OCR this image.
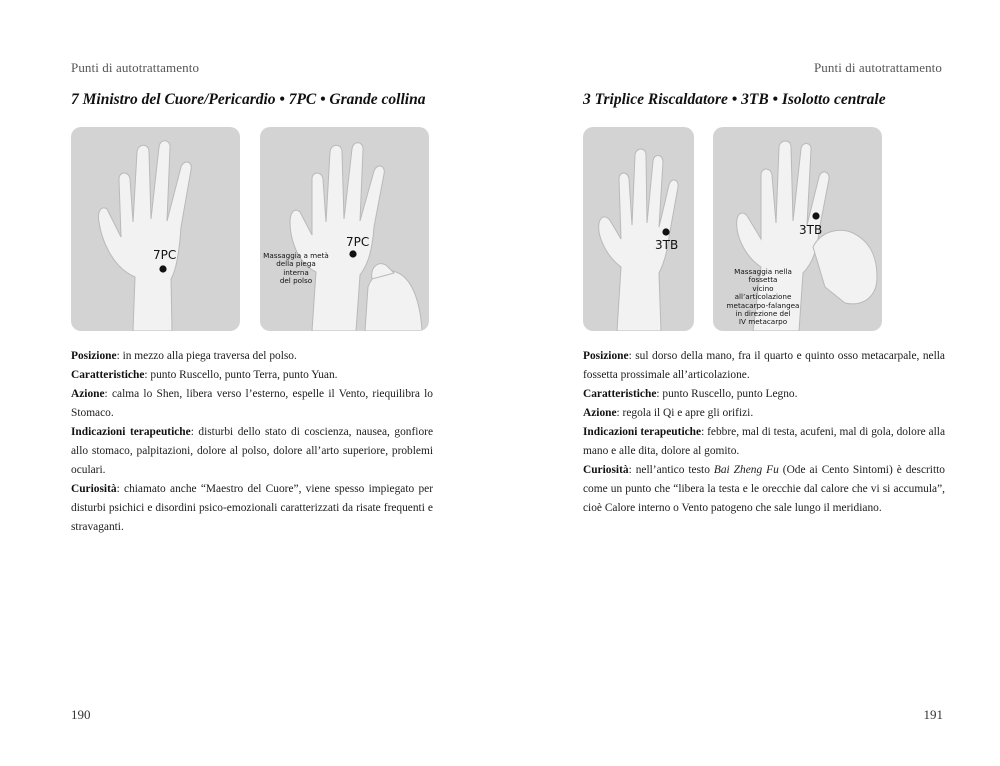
Punti di autotrattamento
7 Ministro del Cuore/Pericardio • 7PC • Grande collina
7PC
7PC
Massaggia a metà
della piega interna
del polso

Posizione: in mezzo alla piega traversa del polso.

Caratteristiche: punto Ruscello, punto Terra, punto Yuan.

Azione: calma lo Shen, libera verso l’esterno, espelle il Vento, riequilibra lo Stomaco.

Indicazioni terapeutiche: disturbi dello stato di coscienza, nausea, gonfiore allo stomaco, palpitazioni, dolore al polso, dolore all’arto superiore, problemi oculari.

Curiosità: chiamato anche “Maestro del Cuore”, viene spesso impiegato per disturbi psichici e disordini psico-emozionali caratterizzati da risate frequenti e stravaganti.

190
Punti di autotrattamento
3 Triplice Riscaldatore • 3TB • Isolotto centrale
3TB
3TB
Massaggia nella fossetta
vicino all’articolazione
metacarpo-falangea
in direzione del
IV metacarpo
191

Posizione: sul dorso della mano, fra il quarto e quinto osso metacarpale, nella fossetta prossimale all’articolazione.

Caratteristiche: punto Ruscello, punto Legno.

Azione: regola il Qi e apre gli orifizi.

Indicazioni terapeutiche: febbre, mal di testa, acufeni, mal di gola, dolore alla mano e alle dita, dolore al gomito.

Curiosità: nell’antico testo Bai Zheng Fu (Ode ai Cento Sintomi) è descritto come un punto che “libera la testa e le orecchie dal calore che vi si accumula”, cioè Calore interno o Vento patogeno che sale lungo il meridiano.
